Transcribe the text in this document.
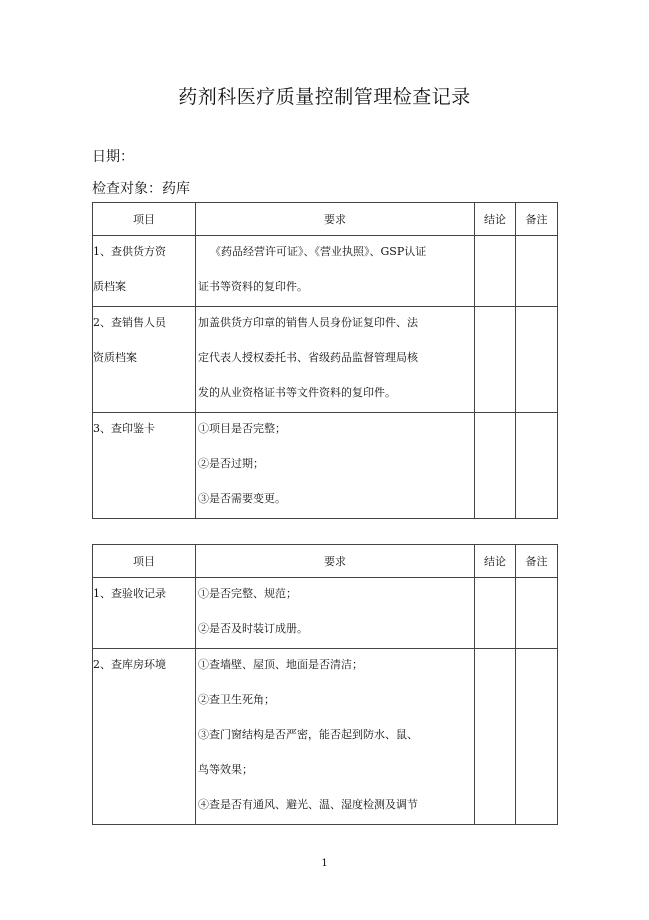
药剂科医疗质量控制管理检查记录
日期：
检查对象：药库
项目	要求	结论	备注

1、查供货方资
质档案	《药品经营许可证》、《营业执照》、GSP认证
证书等资料的复印件。		

2、查销售人员
资质档案	加盖供货方印章的销售人员身份证复印件、法
定代表人授权委托书、省级药品监督管理局核
发的从业资格证书等文件资料的复印件。		

3、查印鉴卡	①项目是否完整；
②是否过期；
③是否需要变更。		

项目	要求	结论	备注

1、查验收记录	①是否完整、规范；
②是否及时装订成册。		

2、查库房环境	①查墙壁、屋顶、地面是否清洁；
②查卫生死角；
③查门窗结构是否严密，能否起到防水、鼠、
鸟等效果；
④查是否有通风、避光、温、湿度检测及调节		

1
